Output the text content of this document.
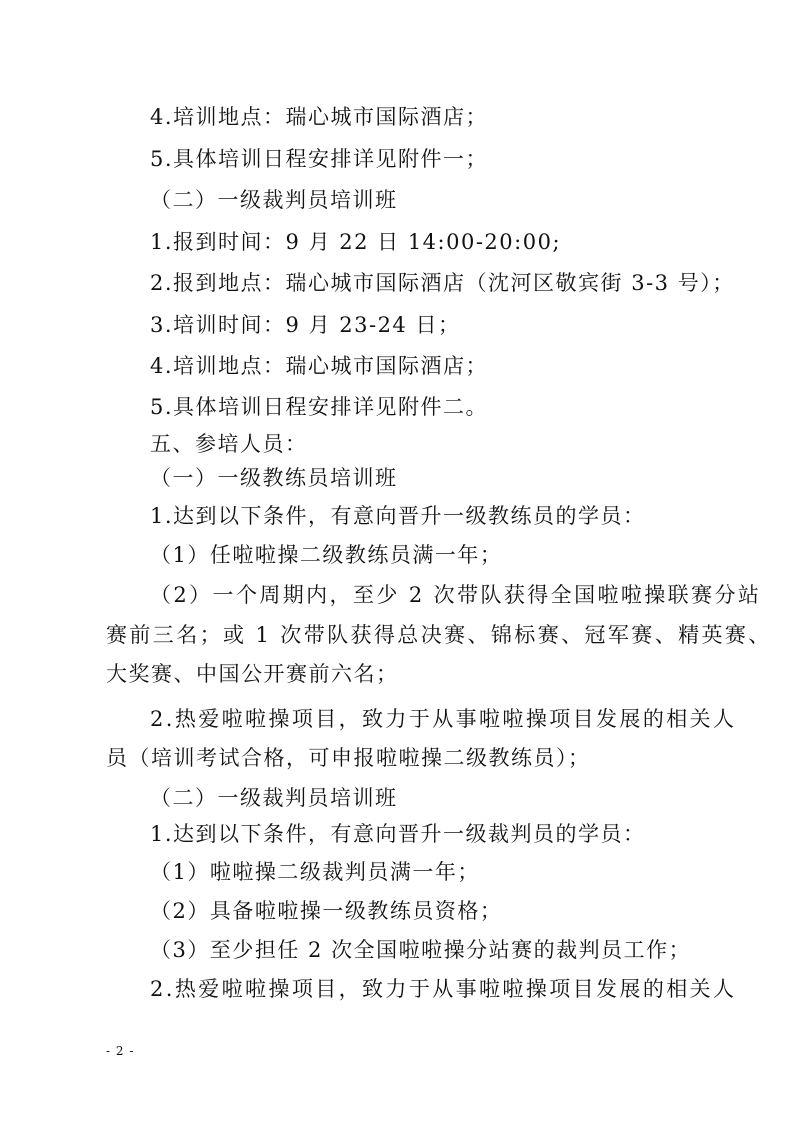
4.培训地点：瑞心城市国际酒店；
5.具体培训日程安排详见附件一；
（二）一级裁判员培训班
1.报到时间：9 月 22 日 14:00-20:00;
2.报到地点：瑞心城市国际酒店（沈河区敬宾街 3-3 号）；
3.培训时间：9 月 23-24 日；
4.培训地点：瑞心城市国际酒店；
5.具体培训日程安排详见附件二。
五、参培人员：
（一）一级教练员培训班
1.达到以下条件，有意向晋升一级教练员的学员：
（1）任啦啦操二级教练员满一年；
（2）一个周期内，至少 2 次带队获得全国啦啦操联赛分站
赛前三名；或 1 次带队获得总决赛、锦标赛、冠军赛、精英赛、
大奖赛、中国公开赛前六名；
2.热爱啦啦操项目，致力于从事啦啦操项目发展的相关人
员（培训考试合格，可申报啦啦操二级教练员）；
（二）一级裁判员培训班
1.达到以下条件，有意向晋升一级裁判员的学员：
（1）啦啦操二级裁判员满一年；
（2）具备啦啦操一级教练员资格；
（3）至少担任 2 次全国啦啦操分站赛的裁判员工作；
2.热爱啦啦操项目，致力于从事啦啦操项目发展的相关人
- 2 -
